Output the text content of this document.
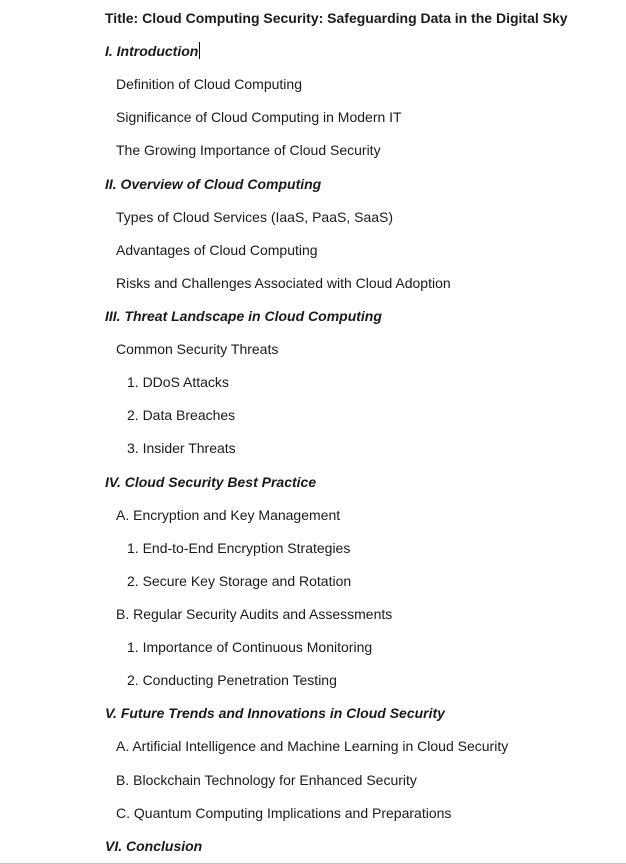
Title: Cloud Computing Security: Safeguarding Data in the Digital Sky
I. Introduction
Definition of Cloud Computing
Significance of Cloud Computing in Modern IT
The Growing Importance of Cloud Security
II. Overview of Cloud Computing
Types of Cloud Services (IaaS, PaaS, SaaS)
Advantages of Cloud Computing
Risks and Challenges Associated with Cloud Adoption
III. Threat Landscape in Cloud Computing
Common Security Threats
1. DDoS Attacks
2. Data Breaches
3. Insider Threats
IV. Cloud Security Best Practice
A. Encryption and Key Management
1. End-to-End Encryption Strategies
2. Secure Key Storage and Rotation
B. Regular Security Audits and Assessments
1. Importance of Continuous Monitoring
2. Conducting Penetration Testing
V. Future Trends and Innovations in Cloud Security
A. Artificial Intelligence and Machine Learning in Cloud Security
B. Blockchain Technology for Enhanced Security
C. Quantum Computing Implications and Preparations
VI. Conclusion
